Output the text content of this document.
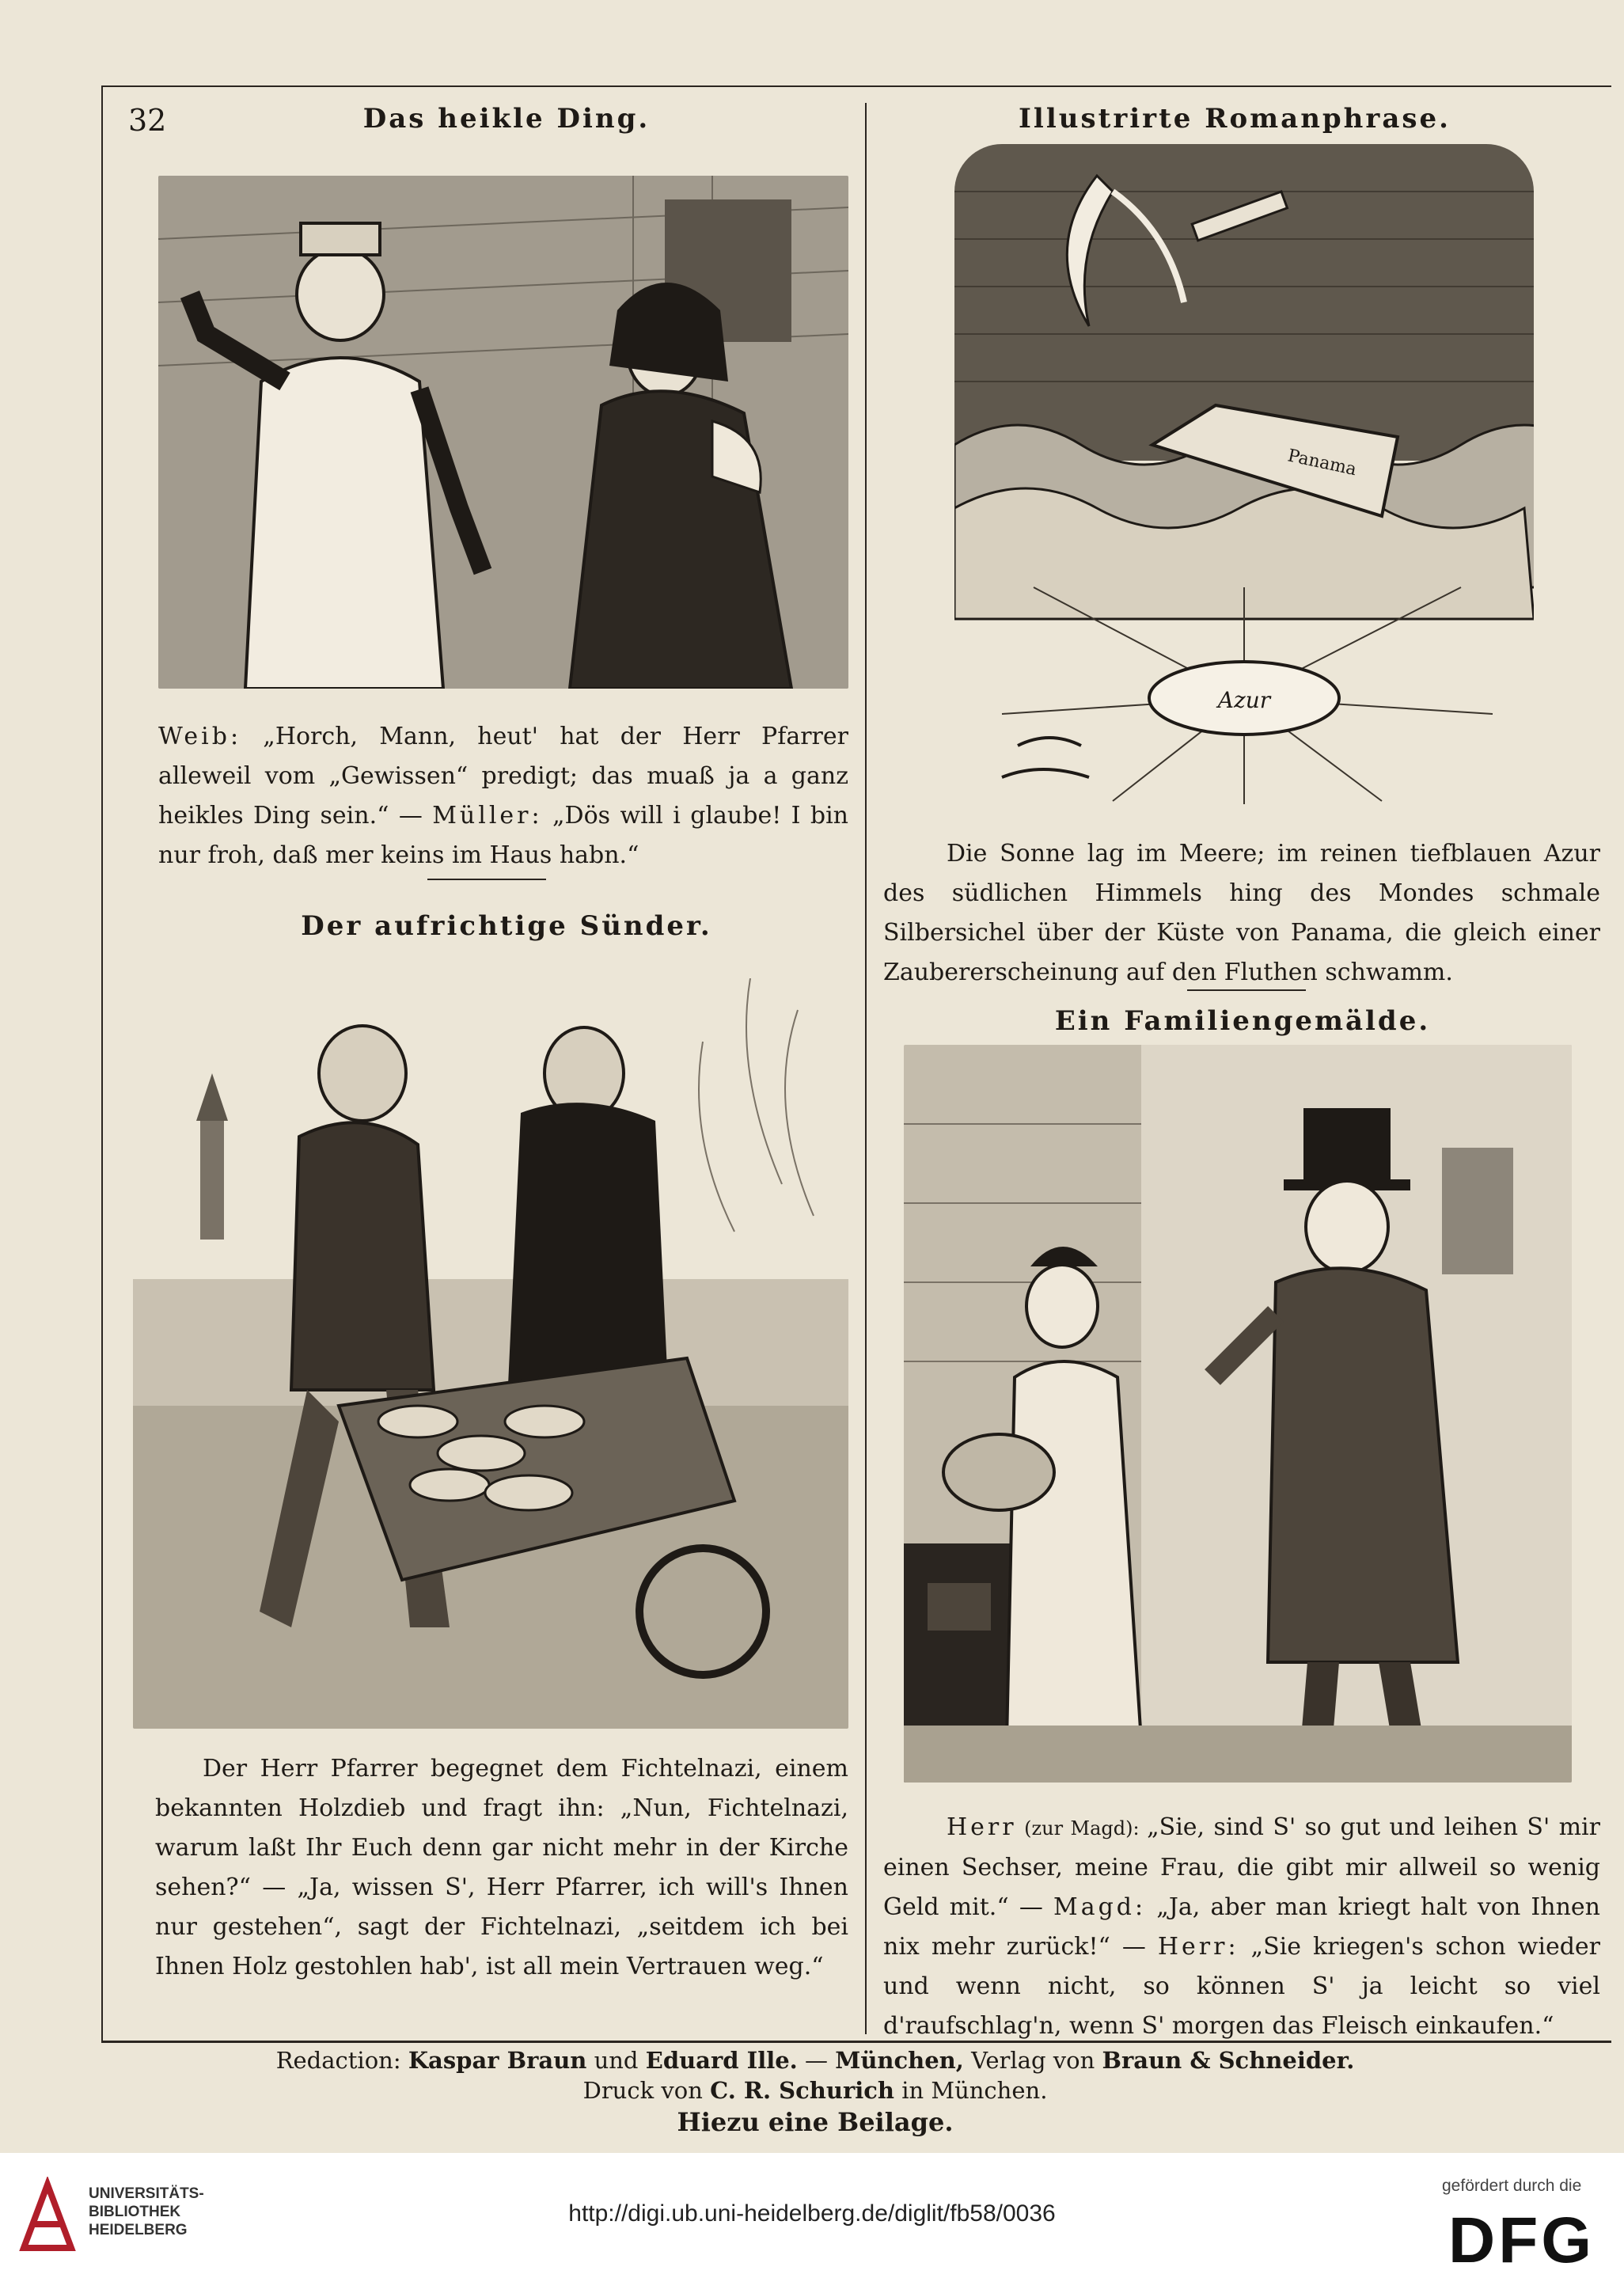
32	Das heikle Ding.	Illustrirte Romanphrase.

Weib: „Horch, Mann, heut' hat der Herr Pfarrer alleweil vom „Gewissen“ predigt; das muaß ja a ganz heikles Ding sein.“ — Müller: „Dös will i glaube! I bin nur froh, daß mer keins im Haus habn.“

Der aufrichtige Sünder.
Der Herr Pfarrer begegnet dem Fichtelnazi, einem bekannten Holzdieb und fragt ihn: „Nun, Fichtelnazi, warum laßt Ihr Euch denn gar nicht mehr in der Kirche sehen?“ — „Ja, wissen S', Herr Pfarrer, ich will's Ihnen nur gestehen“, sagt der Fichtelnazi, „seitdem ich bei Ihnen Holz gestohlen hab', ist all mein Vertrauen weg.“
Panama
Azur
Die Sonne lag im Meere; im reinen tiefblauen Azur des südlichen Himmels hing des Mondes schmale Silbersichel über der Küste von Panama, die gleich einer Zaubererscheinung auf den Fluthen schwamm.
Ein Familiengemälde.

Herr (zur Magd): „Sie, sind S' so gut und leihen S' mir einen Sechser, meine Frau, die gibt mir allweil so wenig Geld mit.“ — Magd: „Ja, aber man kriegt halt von Ihnen nix mehr zurück!“ — Herr: „Sie kriegen's schon wieder und wenn nicht, so können S' ja leicht so viel d'raufschlag'n, wenn S' morgen das Fleisch einkaufen.“

Redaction: Kaspar Braun und Eduard Ille. — München, Verlag von Braun & Schneider.
Druck von C. R. Schurich in München.
Hiezu eine Beilage.
UNIVERSITÄTS-
BIBLIOTHEK
HEIDELBERG
http://digi.ub.uni-heidelberg.de/diglit/fb58/0036
gefördert durch die
DFG
